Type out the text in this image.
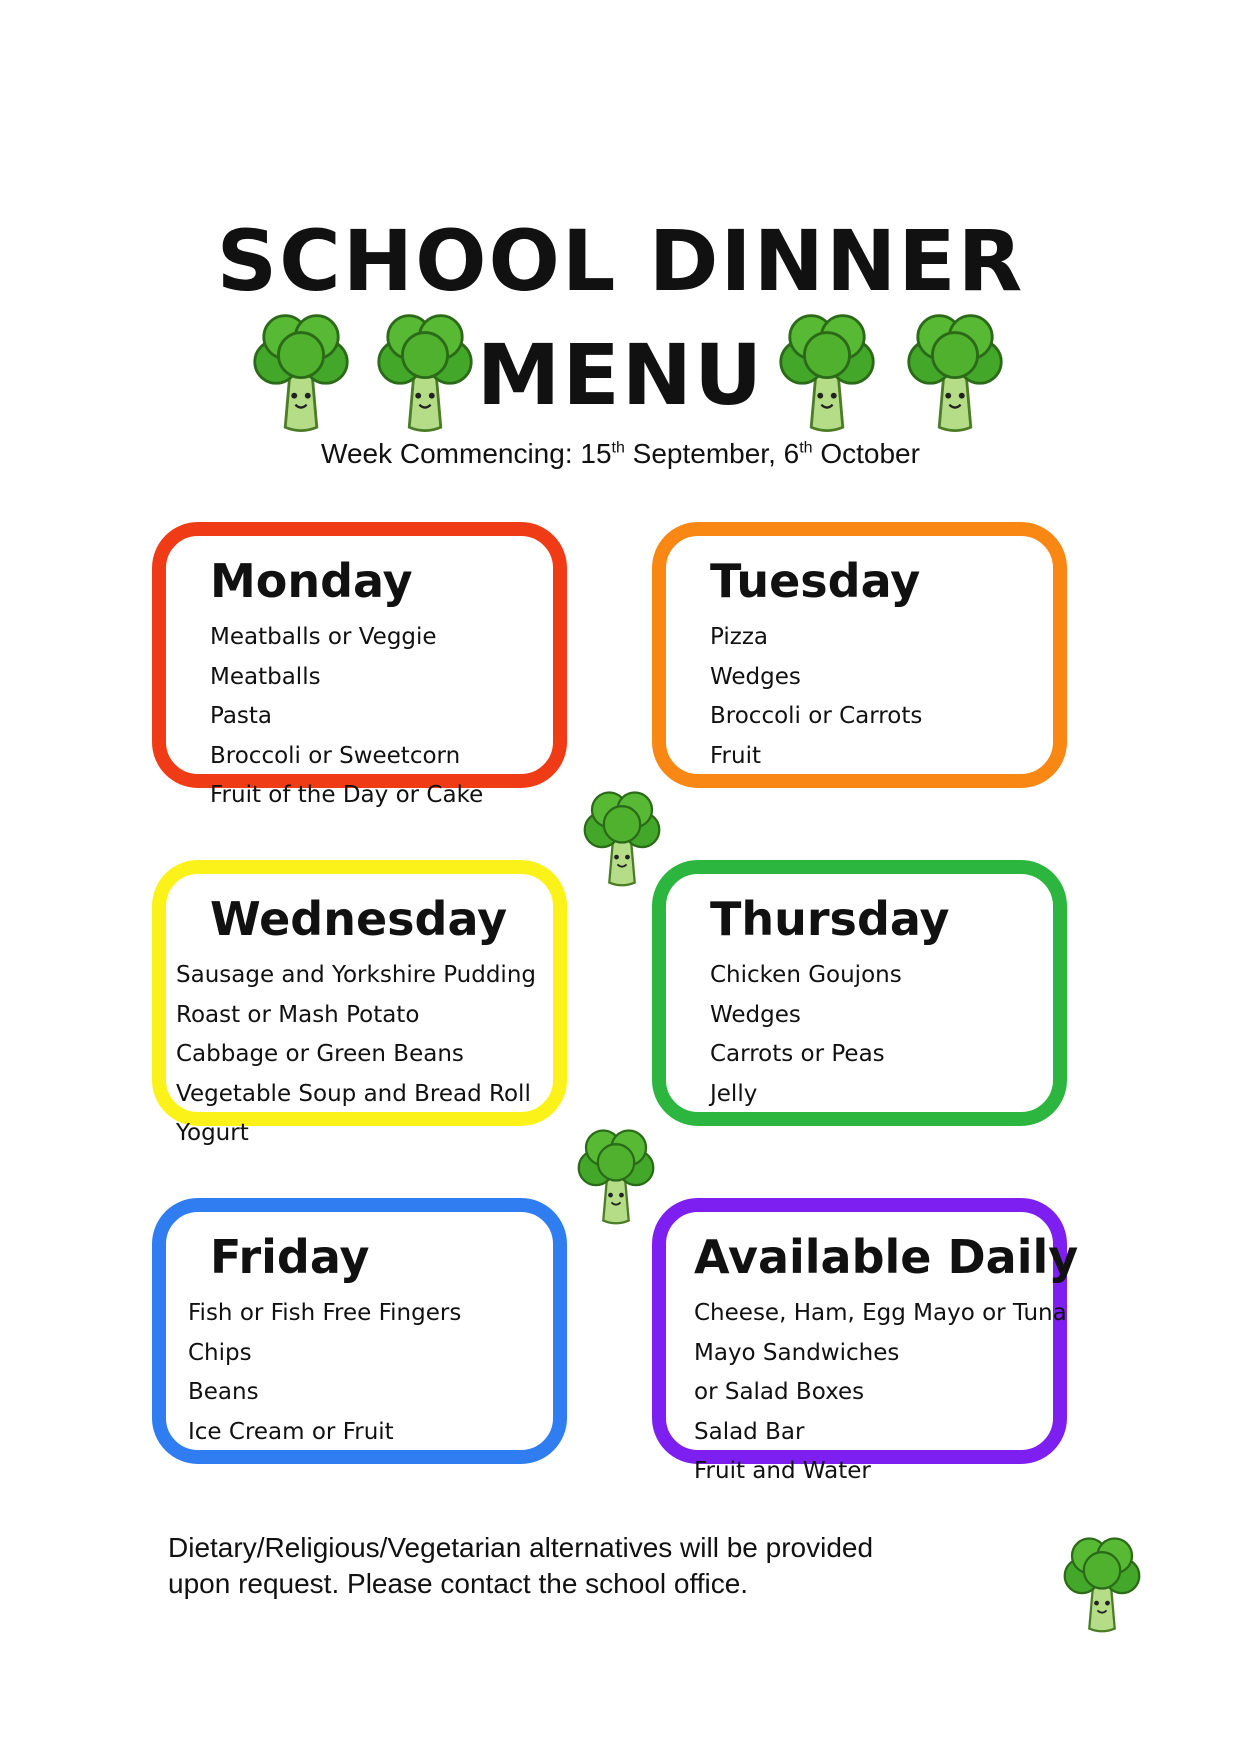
SCHOOL DINNER
MENU
Week Commencing: 15th September, 6th October
Monday
Meatballs or Veggie
Meatballs
Pasta
Broccoli or Sweetcorn
Fruit of the Day or Cake
Tuesday
Pizza
Wedges
Broccoli or Carrots
Fruit
Wednesday
Sausage and Yorkshire Pudding
Roast or Mash Potato
Cabbage or Green Beans
Vegetable Soup and Bread Roll
Yogurt
Thursday
Chicken Goujons
Wedges
Carrots or Peas
Jelly
Friday
Fish or Fish Free Fingers
Chips
Beans
Ice Cream or Fruit
Available Daily
Cheese, Ham, Egg Mayo or Tuna
Mayo Sandwiches
or Salad Boxes
Salad Bar
Fruit and Water
Dietary/Religious/Vegetarian alternatives will be provided
upon request. Please contact the school office.
